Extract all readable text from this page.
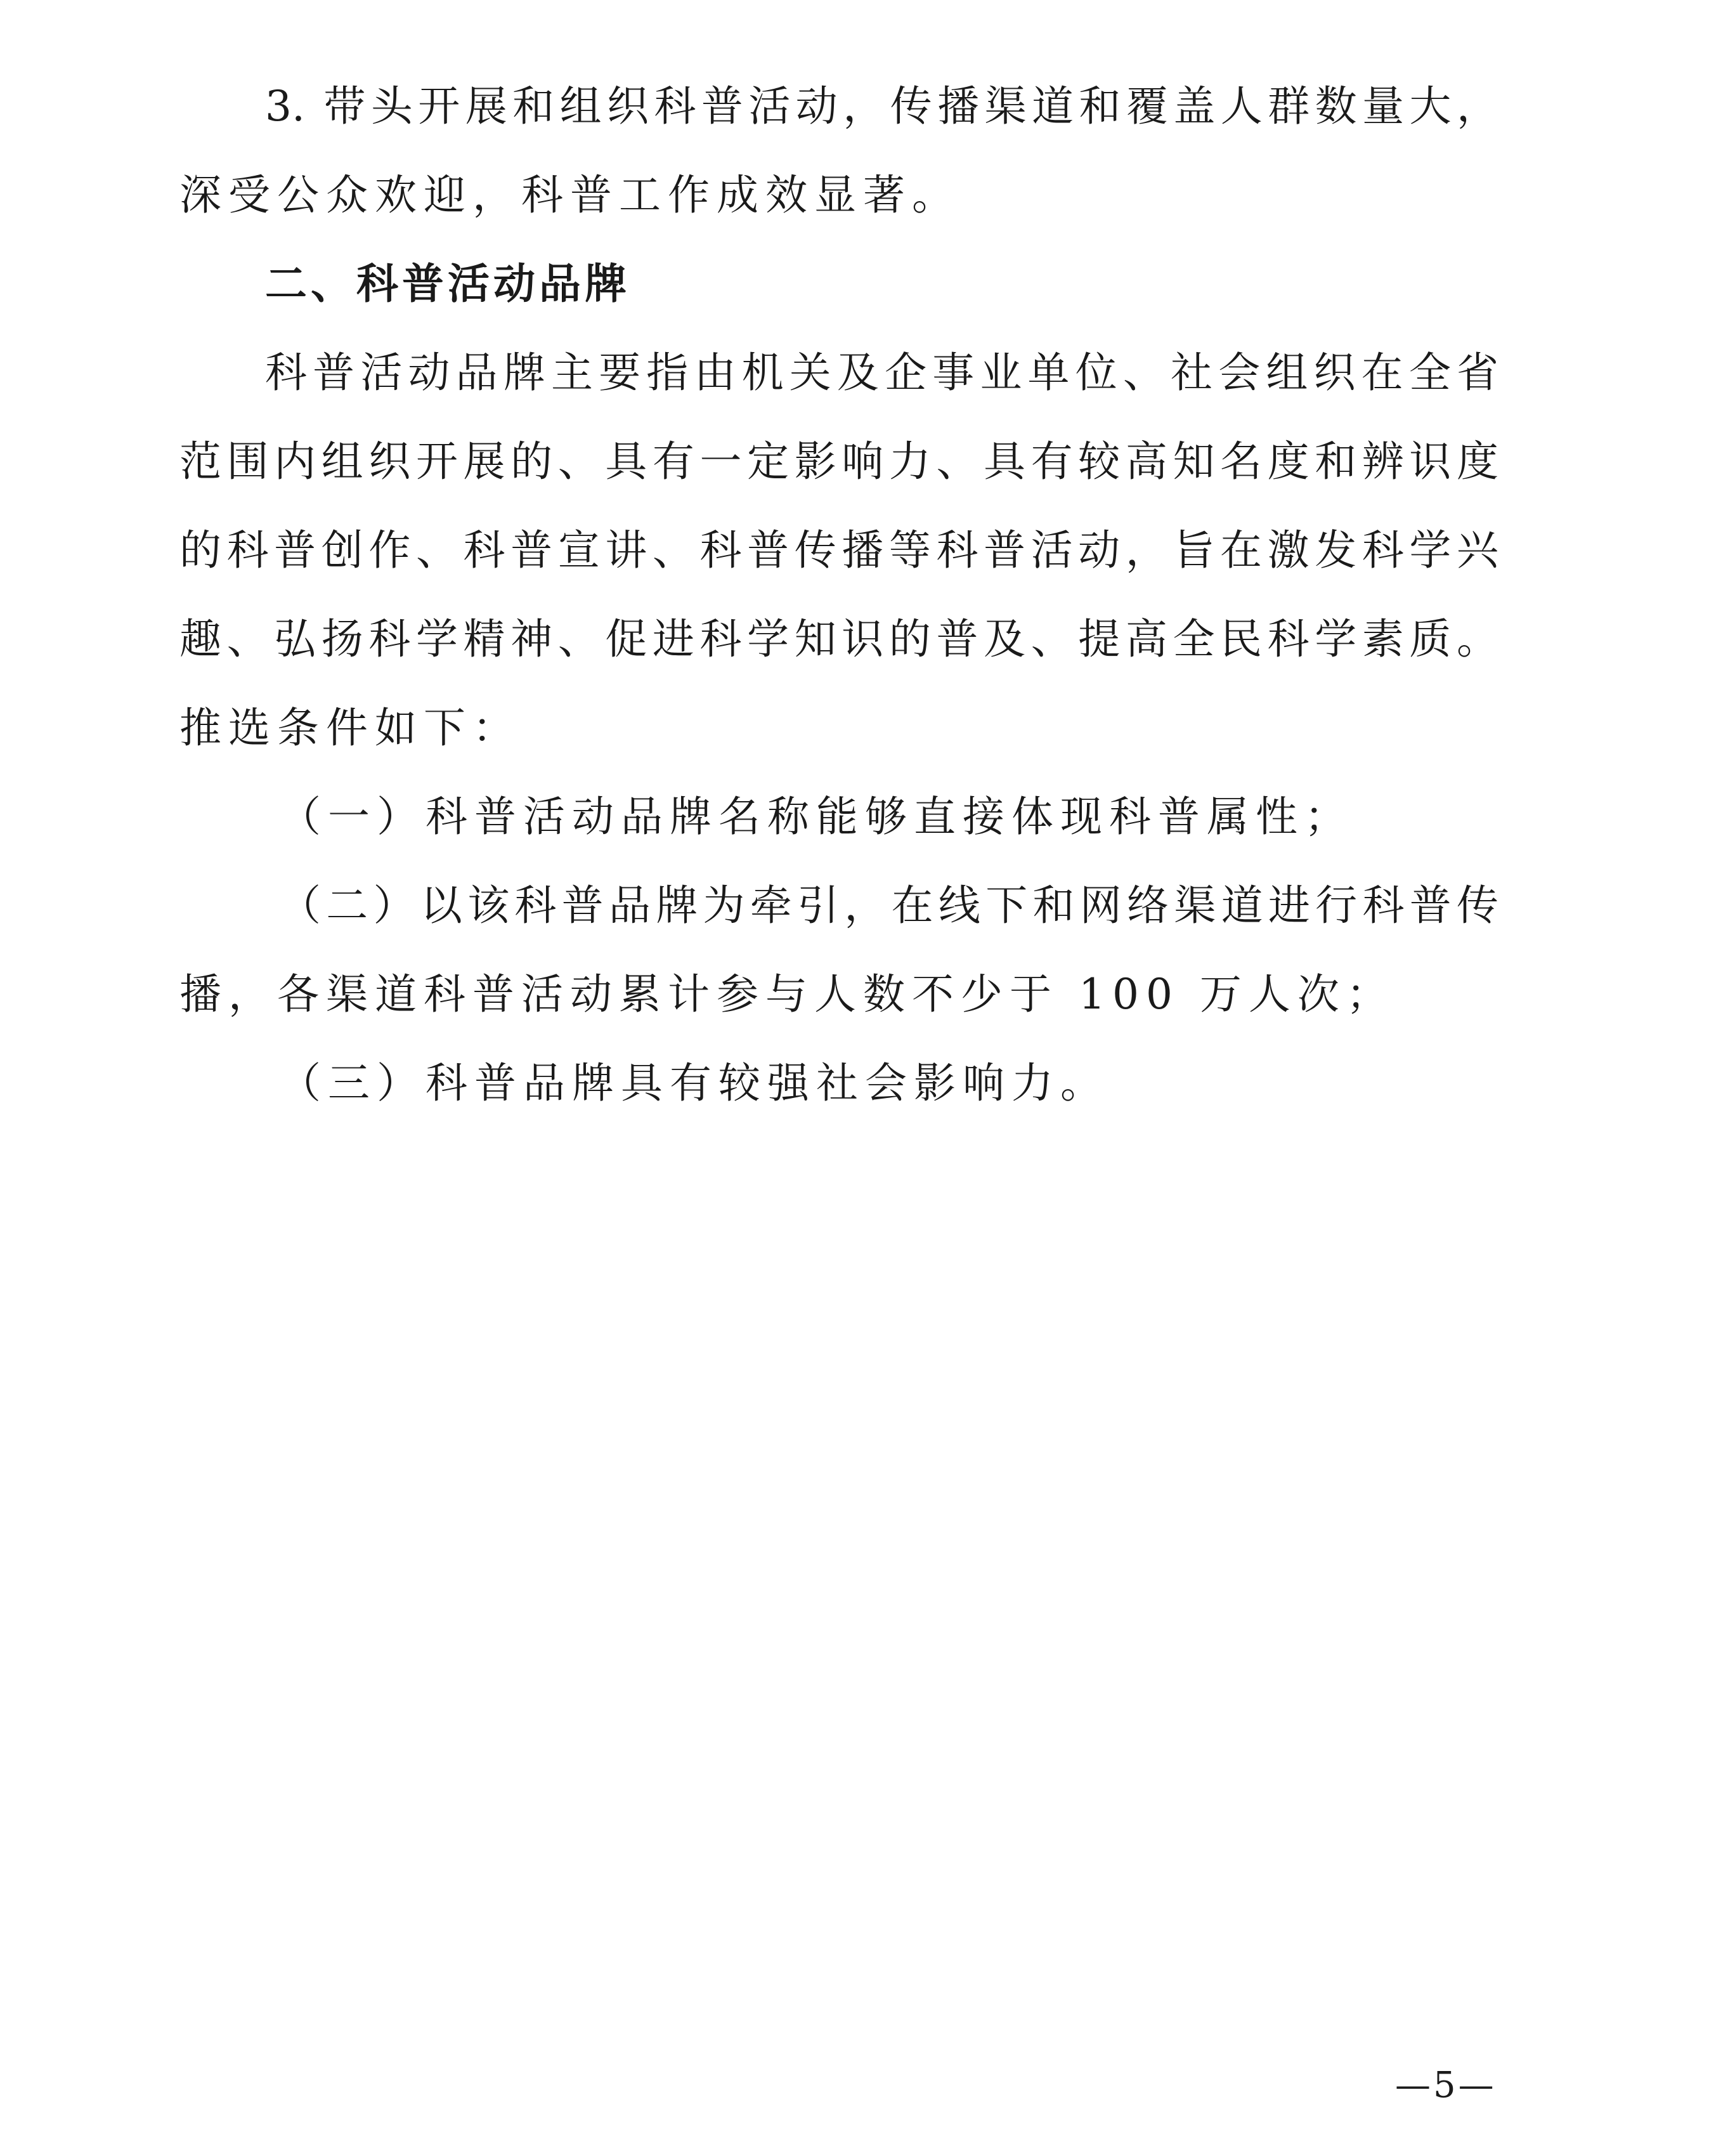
3. 带头开展和组织科普活动，传播渠道和覆盖人群数量大，
深受公众欢迎，科普工作成效显著。
二、科普活动品牌
科普活动品牌主要指由机关及企事业单位、社会组织在全省
范围内组织开展的、具有一定影响力、具有较高知名度和辨识度
的科普创作、科普宣讲、科普传播等科普活动，旨在激发科学兴
趣、弘扬科学精神、促进科学知识的普及、提高全民科学素质。
推选条件如下：
（一）科普活动品牌名称能够直接体现科普属性；
（二）以该科普品牌为牵引，在线下和网络渠道进行科普传
播，各渠道科普活动累计参与人数不少于 100 万人次；
（三）科普品牌具有较强社会影响力。
—5—
